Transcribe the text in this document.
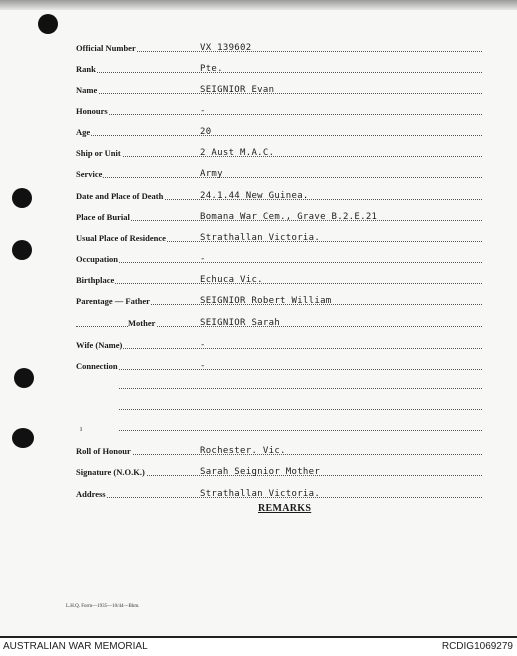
Official Number	VX 139602
Rank	Pte.
Name	SEIGNIOR Evan
Honours	-
Age	20
Ship or Unit	2 Aust M.A.C.
Service	Army
Date and Place of Death	24.1.44 New Guinea.
Place of Burial	Bomana War Cem., Grave B.2.E.21
Usual Place of Residence	Strathallan Victoria.
Occupation	-
Birthplace	Echuca Vic.
Parentage — Father	SEIGNIOR Robert William
Mother	SEIGNIOR Sarah
Wife (Name)	-
Connection	-
Roll of Honour	Rochester. Vic.
Signature (N.O.K.)	Sarah Seignior Mother
Address	Strathallan Victoria.
ı
REMARKS
L.H.Q. Form—1935—10/44—Bhm.
AUSTRALIAN WAR MEMORIAL	RCDIG1069279
